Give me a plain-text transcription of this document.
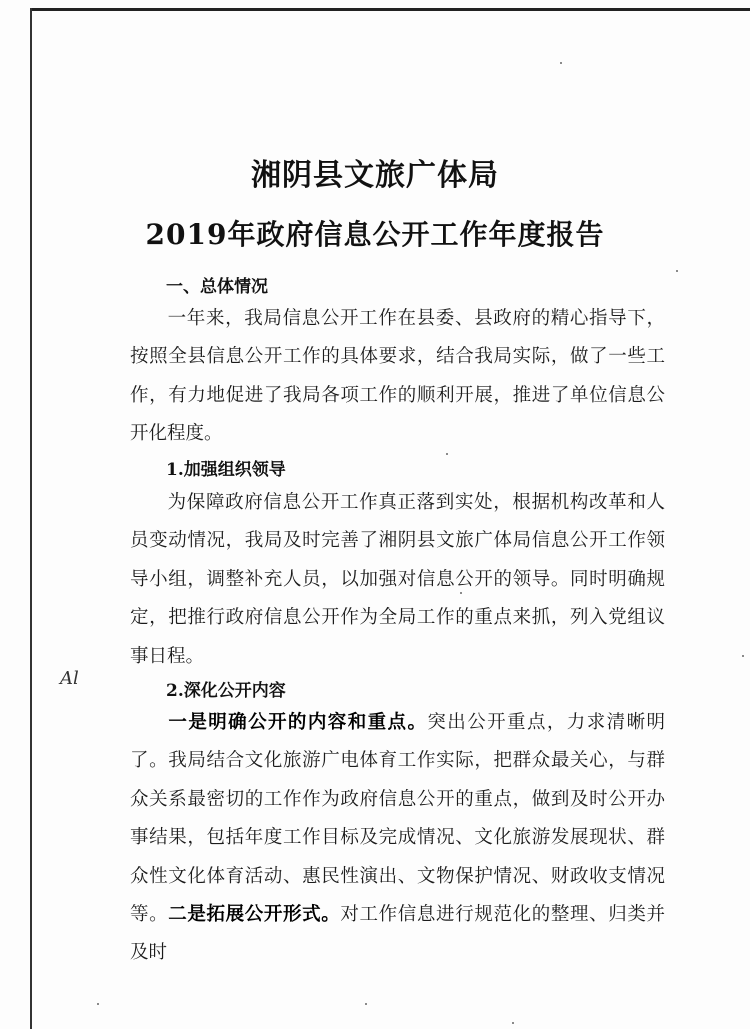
湘阴县文旅广体局
2019年政府信息公开工作年度报告
一、总体情况
一年来，我局信息公开工作在县委、县政府的精心指导下，按照全县信息公开工作的具体要求，结合我局实际，做了一些工作，有力地促进了我局各项工作的顺利开展，推进了单位信息公开化程度。
1.加强组织领导
为保障政府信息公开工作真正落到实处，根据机构改革和人员变动情况，我局及时完善了湘阴县文旅广体局信息公开工作领导小组，调整补充人员，以加强对信息公开的领导。同时明确规定，把推行政府信息公开作为全局工作的重点来抓，列入党组议事日程。
2.深化公开内容
一是明确公开的内容和重点。突出公开重点，力求清晰明了。我局结合文化旅游广电体育工作实际，把群众最关心，与群众关系最密切的工作作为政府信息公开的重点，做到及时公开办事结果，包括年度工作目标及完成情况、文化旅游发展现状、群众性文化体育活动、惠民性演出、文物保护情况、财政收支情况等。二是拓展公开形式。对工作信息进行规范化的整理、归类并及时
Al
